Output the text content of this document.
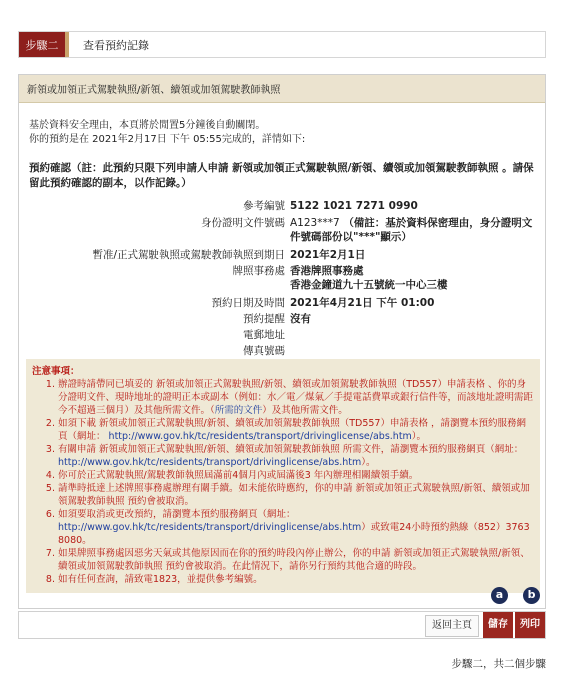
步驟二	查看預約記錄
新領或加領正式駕駛執照/新領、續領或加領駕駛教師執照
基於資料安全理由，本頁將於閒置5分鐘後自動關閉。
你的預約是在 2021年2月17日 下午 05:55完成的，詳情如下:
預約確認（註：此預約只限下列申請人申請 新領或加領正式駕駛執照/新領、續領或加領駕駛教師執照 。請保留此預約確認的副本，以作記錄。）
參考編號 5122 1021 7271 0990
身份證明文件號碼 A123***7 （備註：基於資料保密理由，身分證明文件號碼部份以"***"顯示）
暫准/正式駕駛執照或駕駛教師執照到期日 2021年2月1日
牌照事務處 香港牌照事務處
香港金鐘道九十五號統一中心三樓
預約日期及時間 2021年4月21日 下午 01:00
預約提醒 沒有
電郵地址
傳真號碼
注意事項：
1. 辦證時請帶同已填妥的 新領或加領正式駕駛執照/新領、續領或加領駕駛教師執照（TD557）申請表格 、你的身分證明文件、現時地址的證明正本或副本（例如：水／電／煤氣／手提電話費單或銀行信件等，而該地址證明需距今不超過三個月）及其他所需文件。（所需的文件）及其他所需文件。
2. 如須下載 新領或加領正式駕駛執照/新領、續領或加領駕駛教師執照（TD557）申請表格 ，請瀏覽本預約服務網頁（網址： http://www.gov.hk/tc/residents/transport/drivinglicense/abs.htm）。
3. 有關申請 新領或加領正式駕駛執照/新領、續領或加領駕駛教師執照 所需文件，請瀏覽本預約服務網頁（網址： http://www.gov.hk/tc/residents/transport/drivinglicense/abs.htm）。
4. 你可於正式駕駛執照/駕駛教師執照屆滿前4個月內或屆滿後3 年內辦理相關續領手續。
5. 請準時抵達上述牌照事務處辦理有關手續。如未能依時應約，你的申請 新領或加領正式駕駛執照/新領、續領或加領駕駛教師執照 預約會被取消。
6. 如須要取消或更改預約，請瀏覽本預約服務網頁（網址： http://www.gov.hk/tc/residents/transport/drivinglicense/abs.htm）或致電24小時預約熱線（852）3763 8080。
7. 如果牌照事務處因惡劣天氣或其他原因而在你的預約時段內停止辦公，你的申請 新領或加領正式駕駛執照/新領、續領或加領駕駛教師執照 預約會被取消。在此情況下，請你另行預約其他合適的時段。
8. 如有任何查詢，請致電1823，並提供參考編號。
返回主頁	儲存	列印
a	b
步驟二，共二個步驟
